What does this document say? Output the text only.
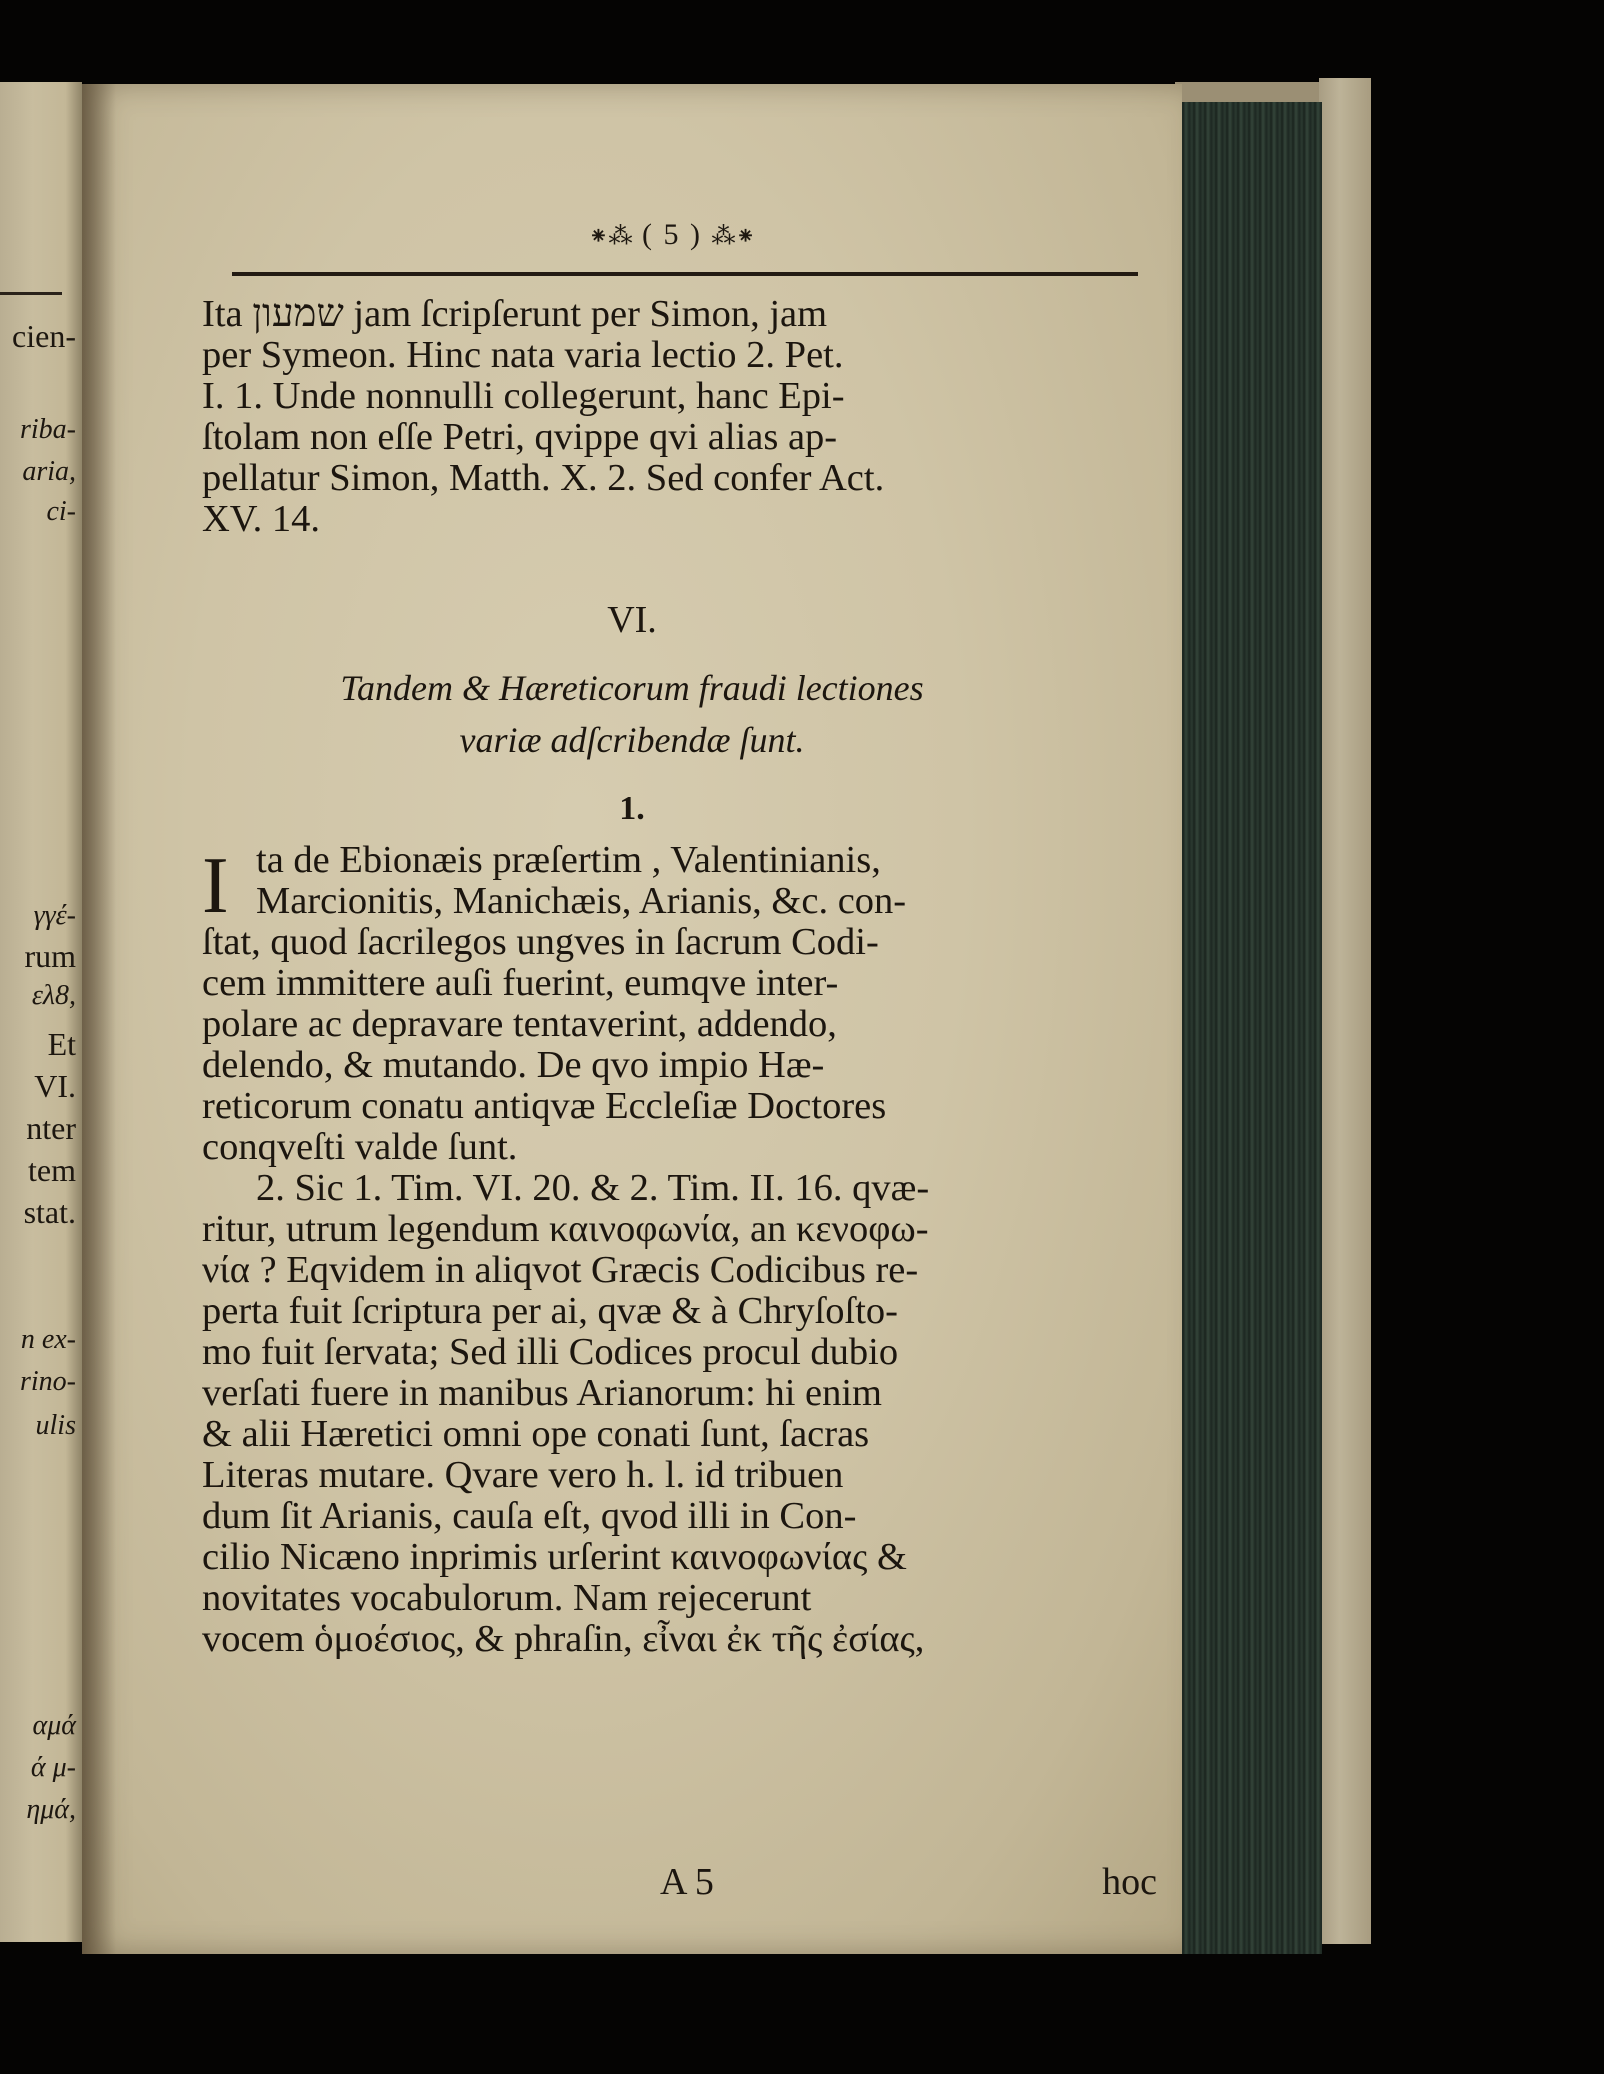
cien-
riba-
aria,
ci-
γγέ-
rum
ελ8,
Et
VI.
nter
tem
stat.
n ex-
rino-
ulis
αμά
ά μ-
ημά,
⁕⁂ ( 5 ) ⁂⁕
Ita שמעון jam ſcripſerunt per Simon, jam
per Symeon. Hinc nata varia lectio 2. Pet.
I. 1. Unde nonnulli collegerunt, hanc Epi-
ſtolam non eſſe Petri, qvippe qvi alias ap-
pellatur Simon, Matth. X. 2. Sed confer Act.
XV. 14.
VI.
Tandem & Hæreticorum fraudi lectiones
variæ adſcribendæ ſunt.
1.
I ta de Ebionæis præſertim , Valentinianis,
Marcionitis, Manichæis, Arianis, &c. con-
ſtat, quod ſacrilegos ungves in ſacrum Codi-
cem immittere auſi fuerint, eumqve inter-
polare ac depravare tentaverint, addendo,
delendo, & mutando. De qvo impio Hæ-
reticorum conatu antiqvæ Eccleſiæ Doctores
conqveſti valde ſunt.
2. Sic 1. Tim. VI. 20. & 2. Tim. II. 16. qvæ-
ritur, utrum legendum καινοφωνία, an κενοφω-
νία ? Eqvidem in aliqvot Græcis Codicibus re-
perta fuit ſcriptura per ai, qvæ & à Chryſoſto-
mo fuit ſervata; Sed illi Codices procul dubio
verſati fuere in manibus Arianorum: hi enim
& alii Hæretici omni ope conati ſunt, ſacras
Literas mutare. Qvare vero h. l. id tribuen
dum ſit Arianis, cauſa eſt, qvod illi in Con-
cilio Nicæno inprimis urſerint καινοφωνίας &
novitates vocabulorum. Nam rejecerunt
vocem ὁμοέσιος, & phraſin, εἶναι ἐκ τῆς ἐσίας,
A 5	hoc
